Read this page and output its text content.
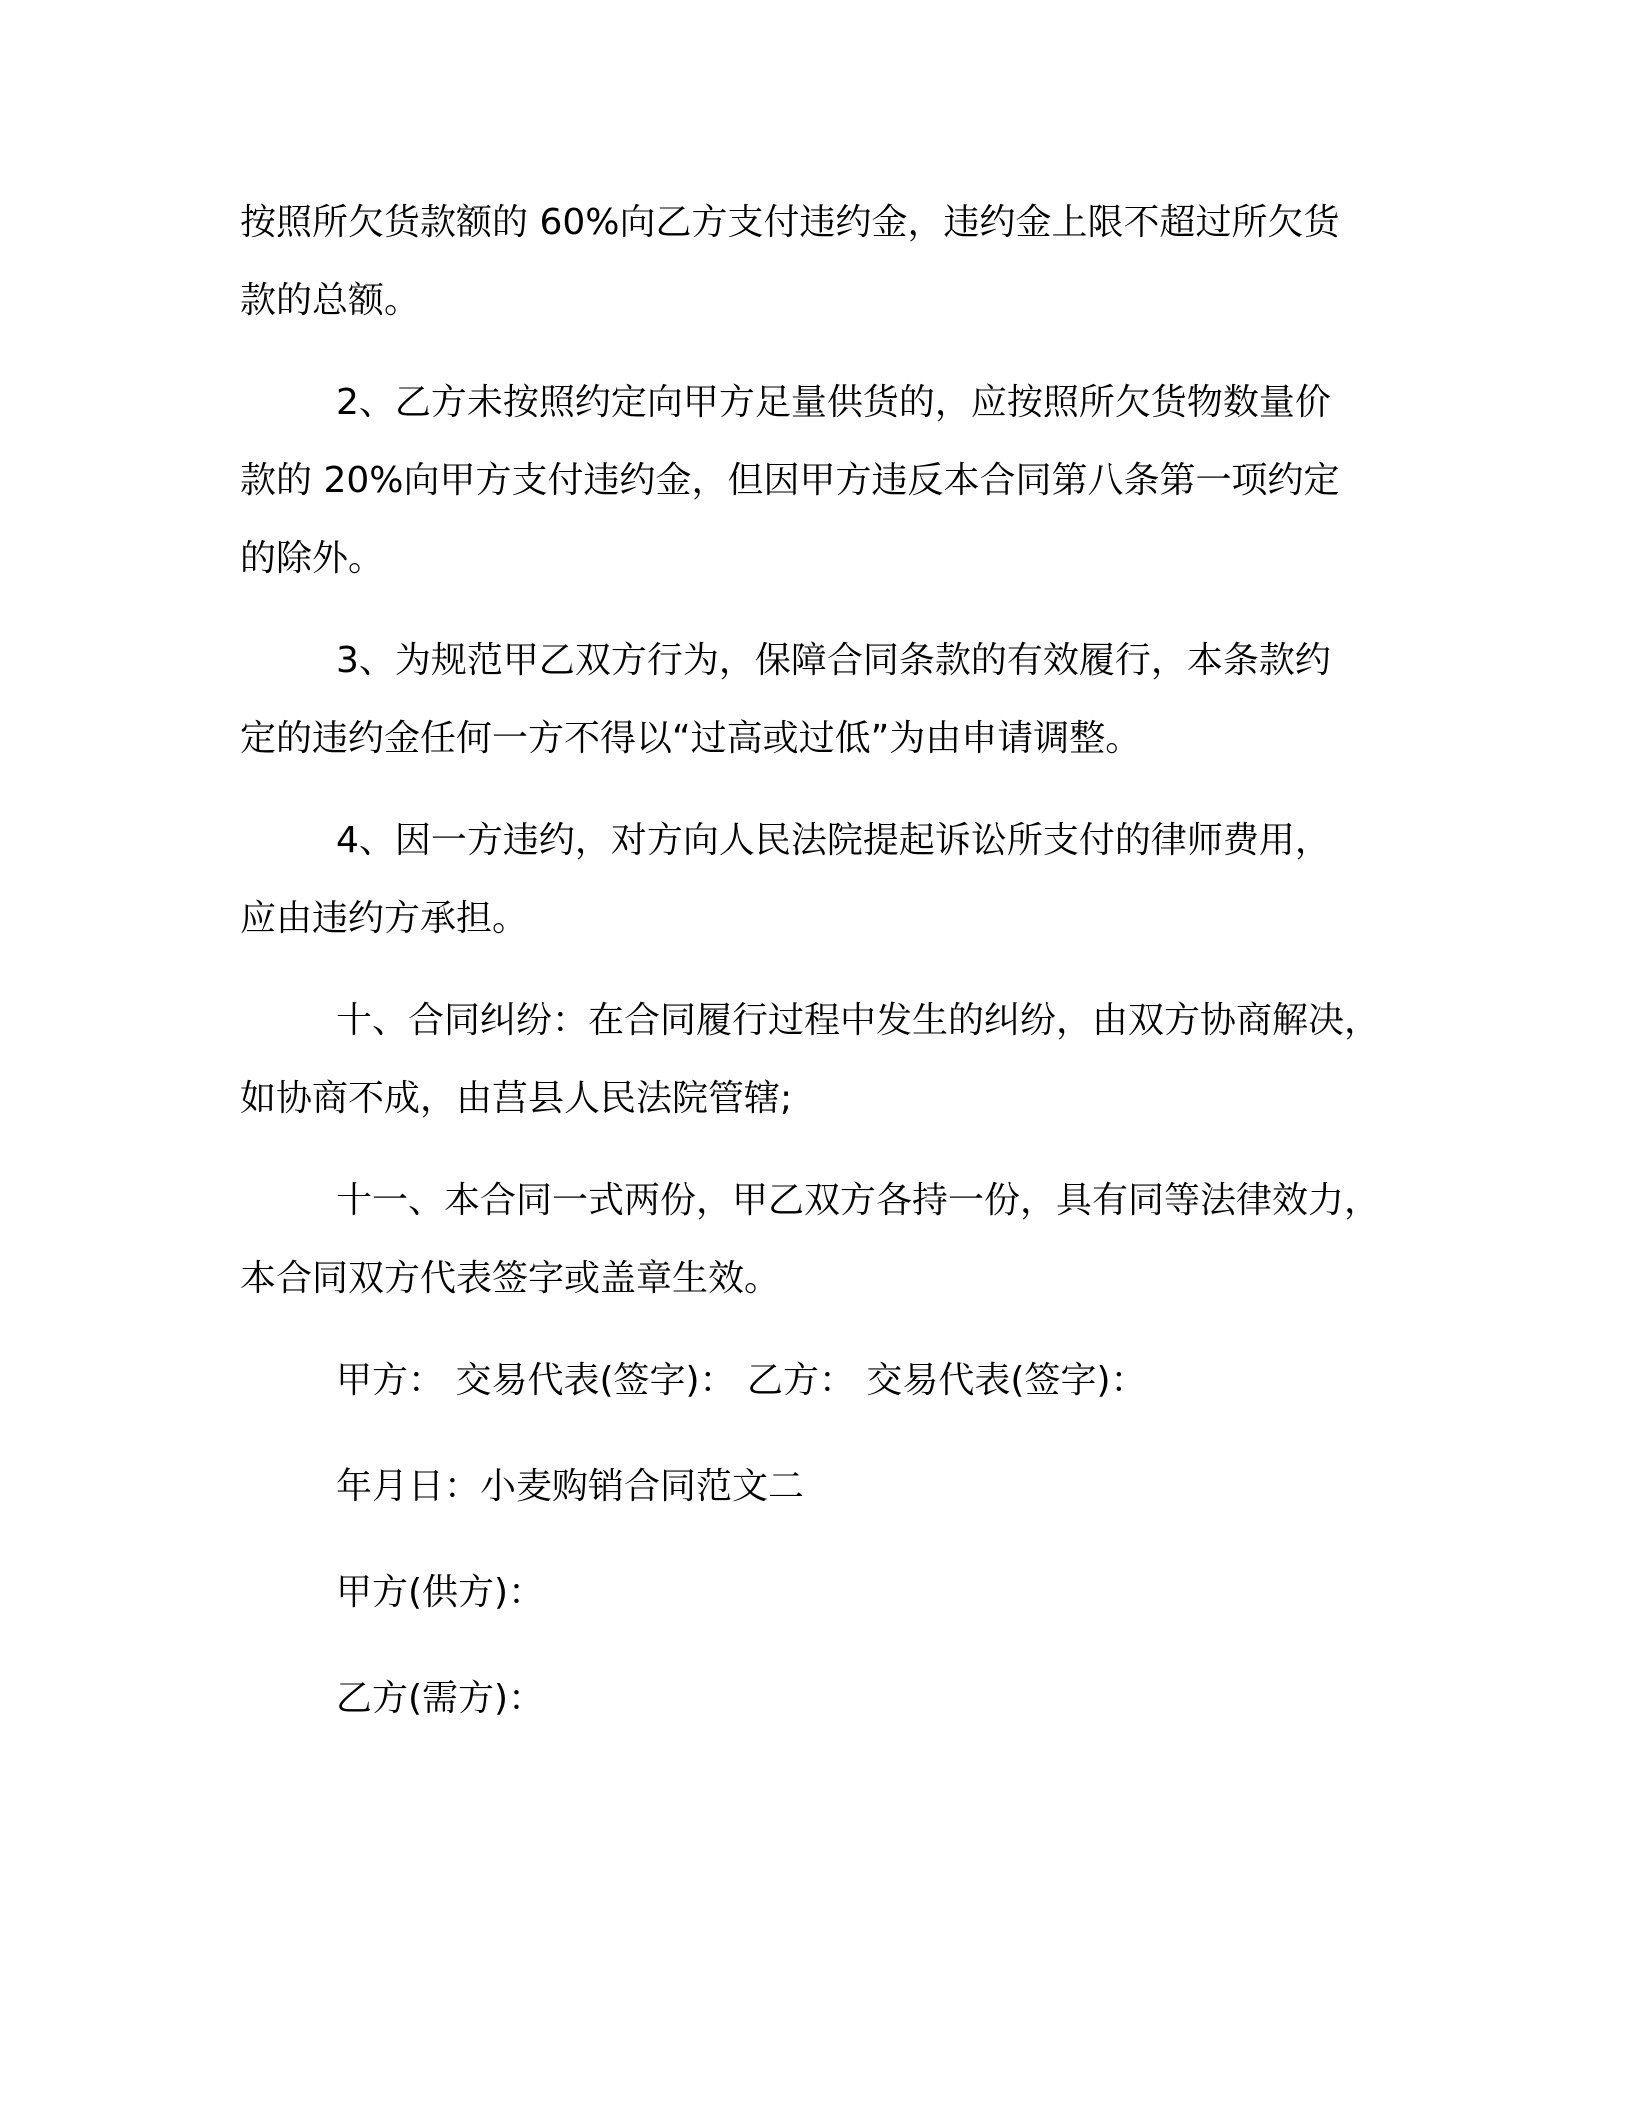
按照所欠货款额的 60%向乙方支付违约金，违约金上限不超过所欠货
款的总额。

2、乙方未按照约定向甲方足量供货的，应按照所欠货物数量价
款的 20%向甲方支付违约金，但因甲方违反本合同第八条第一项约定
的除外。

3、为规范甲乙双方行为，保障合同条款的有效履行，本条款约
定的违约金任何一方不得以“过高或过低”为由申请调整。

4、因一方违约，对方向人民法院提起诉讼所支付的律师费用，
应由违约方承担。

十、合同纠纷：在合同履行过程中发生的纠纷，由双方协商解决，
如协商不成，由莒县人民法院管辖;

十一、本合同一式两份，甲乙双方各持一份，具有同等法律效力，
本合同双方代表签字或盖章生效。

甲方： 交易代表(签字)： 乙方： 交易代表(签字)：

年月日：小麦购销合同范文二

甲方(供方)：

乙方(需方)：
